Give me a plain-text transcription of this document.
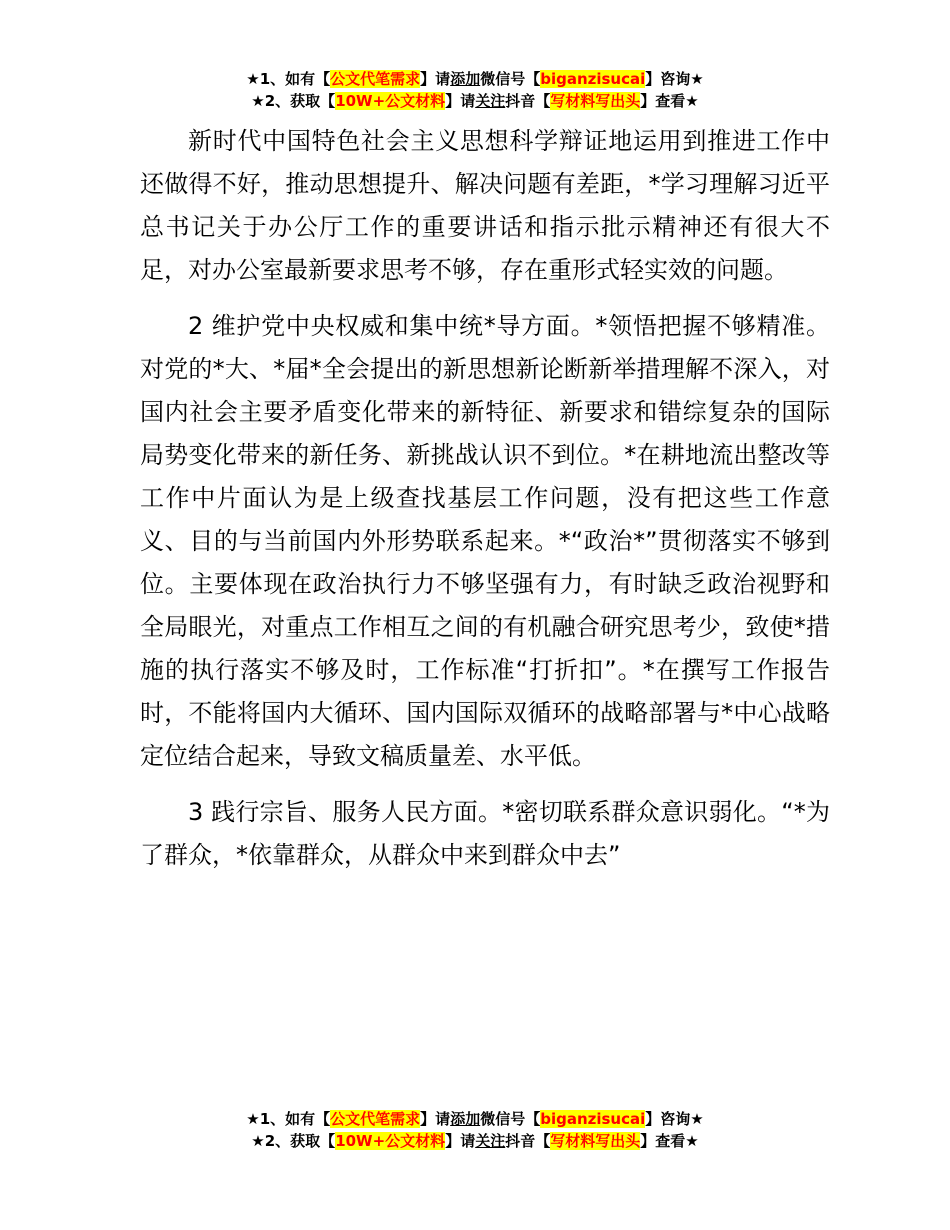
★1、如有【公文代笔需求】请添加微信号【biganzisucai】咨询★
★2、获取【10W+公文材料】请关注抖音【写材料写出头】查看★

新时代中国特色社会主义思想科学辩证地运用到推进工作中还做得不好，推动思想提升、解决问题有差距，*学习理解习近平总书记关于办公厅工作的重要讲话和指示批示精神还有很大不足，对办公室最新要求思考不够，存在重形式轻实效的问题。

2 维护党中央权威和集中统*导方面。*领悟把握不够精准。对党的*大、*届*全会提出的新思想新论断新举措理解不深入，对国内社会主要矛盾变化带来的新特征、新要求和错综复杂的国际局势变化带来的新任务、新挑战认识不到位。*在耕地流出整改等工作中片面认为是上级查找基层工作问题，没有把这些工作意义、目的与当前国内外形势联系起来。*“政治*”贯彻落实不够到位。主要体现在政治执行力不够坚强有力，有时缺乏政治视野和全局眼光，对重点工作相互之间的有机融合研究思考少，致使*措施的执行落实不够及时，工作标准“打折扣”。*在撰写工作报告时，不能将国内大循环、国内国际双循环的战略部署与*中心战略定位结合起来，导致文稿质量差、水平低。

3 践行宗旨、服务人民方面。*密切联系群众意识弱化。“*为了群众，*依靠群众，从群众中来到群众中去”

★1、如有【公文代笔需求】请添加微信号【biganzisucai】咨询★
★2、获取【10W+公文材料】请关注抖音【写材料写出头】查看★
